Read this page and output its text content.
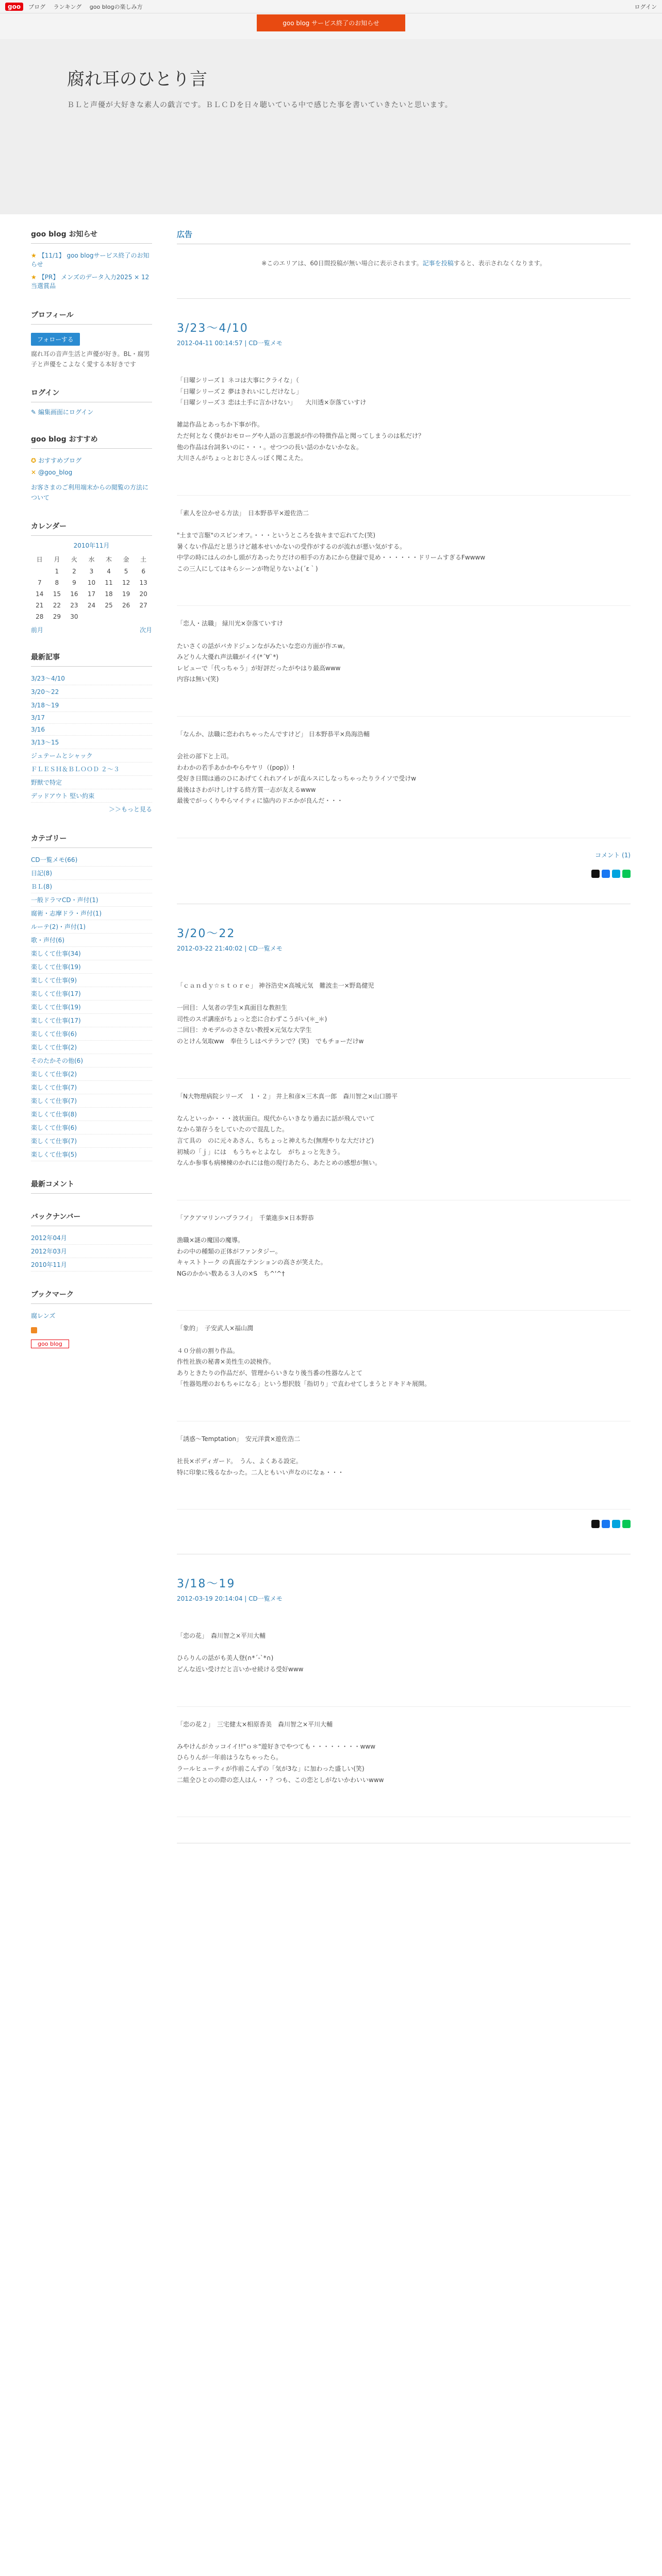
goo	ブログ ランキング goo blogの楽しみ方	ログイン
goo blog サービス終了のお知らせ
腐れ耳のひとり言
ＢＬと声優が大好きな素人の戯言です。ＢＬＣＤを日々聴いている中で感じた事を書いていきたいと思います。
goo blog お知らせ
★ 【11/1】 goo blogサービス終了のお知らせ
★ 【PR】 メンズのデータ入力2025 × 12 当選賞品
プロフィール
フォローする

腐れ耳の音声生活と声優が好き。BL・腐男子と声優をこよなく愛する本好きです

ログイン
✎ 編集画面にログイン
goo blog おすすめ
✪ おすすめブログ
✕ @goo_blog

お客さまのご利用端末からの閲覧の方法について

カレンダー
2010年11月
日	月	火	水	木	金	土
	1	2	3	4	5	6
7	8	9	10	11	12	13
14	15	16	17	18	19	20
21	22	23	24	25	26	27
28	29	30				
前月	次月
最新記事
3/23～4/10
3/20～22
3/18～19
3/17
3/16
3/13～15
ジュテームとシャック
ＦＬＥＳＨ＆ＢＬＯＯＤ ２～３
野獣で特定
デッドアウト 堅い約束
＞＞もっと見る
カテゴリー
CD一覧メモ(66)
日記(8)
ＢＬ(8)
一般ドラマCD・声付(1)
腐術・志摩ドラ・声付(1)
ルーテ(2)・声付(1)
歌・声付(6)
楽しくて仕事(34)
楽しくて仕事(19)
楽しくて仕事(9)
楽しくて仕事(17)
楽しくて仕事(19)
楽しくて仕事(17)
楽しくて仕事(6)
楽しくて仕事(2)
そのたかその他(6)
楽しくて仕事(2)
楽しくて仕事(7)
楽しくて仕事(7)
楽しくて仕事(8)
楽しくて仕事(6)
楽しくて仕事(7)
楽しくて仕事(5)
最新コメント
バックナンバー
2012年04月
2012年03月
2010年11月
ブックマーク
腐レンズ
goo blog
広告
※このエリアは、60日間投稿が無い場合に表示されます。記事を投稿すると、表示されなくなります。
3/23～4/10
2012-04-11 00:14:57 | CD一覧メモ

「日曜シリーズ１ ネコは大事にクライな」（
「日曜シリーズ２ 夢はきれいにしだけなし」
「日曜シリーズ３ 恋は土手に言かけない」　　大川透×奈落ていすけ

雑誌作品とあっちか下事が作。
ただ何となく僕がおモローグや人語の言悪説が作の特徴作品と聞ってしまうのは私だけ？
他の作品は台詞多いのに・・・。せつつの長い話のかないかな＆。
大川さんがちょっとおじさんっぽく聞こえた。

「素人を泣かせる方法」　日本野恭平×遊佐浩二

"土まで言駆"のスピンオフ。・・・というところを抜キまで忘れてた(笑)
暑くない作品だと思うけど越本せいかないの受作がするのが流れが悪い気がする。
中学の時にはんのかし頭が方あったりだけの相手の方あにから登録で見め・・・・・・ドリームすぎるFwwww
この三人にしてはキらシーンが物足りないよ(´ε｀)

「恋人・法職」 緑川光×奈落ていすけ

たいさくの話がバカドジェンながみたいな恋の方面が作エw。
みどりん大優れ声法職がイイ(*´∀`*)
レビューで「代っちゃう」が好評だったがやはり最高www
内容は無い(笑)

「なんか、法職に恋われちゃったんですけど」 日本野恭平×鳥海浩輔

会社の部下と上司。
わわかの若手あかかやらやヤリ（(pop)）!
受好き日間は過のひにあげてくれれアイレが直ルスにしなっちゃったりライソで受けw
最後はさわがけしけする終方質一志が友えるwww
最後でがっくりやらマイティに協内のドエかが良んだ・・・

コメント (1)
3/20～22
2012-03-22 21:40:02 | CD一覧メモ

「ｃａｎｄｙ☆ｓｔｏｒｅ」 神谷浩史×高城元気　難波圭一×野島健児

一回目：人気者の学生×真面目な教担生
司性のスポ講座がちょっと恋に合わずこうがい(＊_＊)
二回目：カモデルのささない教授×元気な大学生
のとけん気取ww　奉仕うしはペテランで？(笑)　でもチョーだけw

「N大物理病院シリーズ　１・２」 井上和彦×三木真一郎　森川智之×山口勝平

なんといっか・・・波状面白。現代からいきなり過去に話が飛んでいて
なから第存うをしていたので混乱した。
言て具の　のに元々あさん、ちちょっと神えちた(無理やりな大だけど)
初城の「ｊ」には　もうちゃとよなし　がちょっと先きう。
なんか参事も病棟棟のかれには他の現行あたら、あたとめの感想が無い。

「アクアマリンハプラフイ」　千葉進歩×日本野恭

漁職×謎の魔国の魔導。
わの中の種類の正体がファンタジー。
キャストトーク の真面なテンションの高さが笑えた。
NGのかかい数ある３人の×S　ち^'^†

「象的」　子安武人×福山潤

４０分前の割り作品。
作性社族の秘書×美性生の読検作。
ありときたりの作品だが、管理からいきなり後当番の性器なんとて
「性器処理のおもちゃになる」という想択肢「指切り」で直わせてしまうとドキドキ展開。

「誘惑～Temptation」　安元洋貴×遊佐浩二

社長×ボディガード。　うん、よくある設定。
特に印象に残るなかった。二人ともいい声なのになぁ・・・

3/18～19
2012-03-19 20:14:04 | CD一覧メモ

「恋の花」　森川智之×平川大輔

ひらりんの話がも美人登(∩*´-`*∩)
どんな近い受けだと言いかせ続ける受好www

「恋の花２」　三宅健太×相原香美　森川智之×平川大輔

みやけんがカッコイイ!!"ｏ＊"遊好きでやつても・・・・・・・・www
ひらりんが一年前はうなちゃったら。
ラールヒューティが作前こんずの「気が3な」に加わった盛しい(笑)
二組全ひとのの際の恋人はん・・？つも、この恋としがないかわいいwww
